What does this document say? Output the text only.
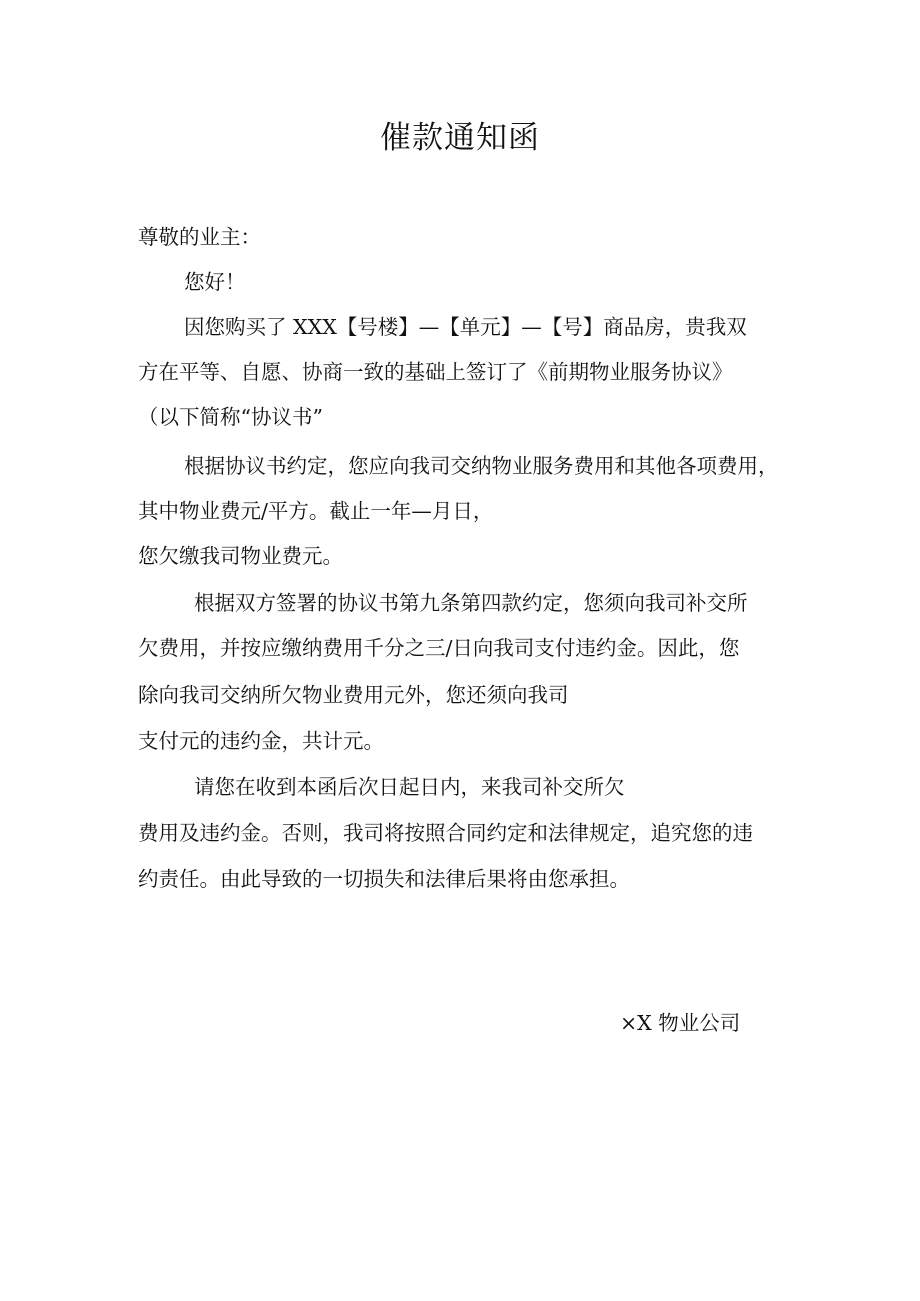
催款通知函
尊敬的业主：
您好！
因您购买了 XXX【号楼】—【单元】—【号】商品房，贵我双
方在平等、自愿、协商一致的基础上签订了《前期物业服务协议》
（以下简称“协议书”
根据协议书约定，您应向我司交纳物业服务费用和其他各项费用，
其中物业费元/平方。截止一年—月日，
您欠缴我司物业费元。
根据双方签署的协议书第九条第四款约定，您须向我司补交所
欠费用，并按应缴纳费用千分之三/日向我司支付违约金。因此，您
除向我司交纳所欠物业费用元外，您还须向我司
支付元的违约金，共计元。
请您在收到本函后次日起日内，来我司补交所欠
费用及违约金。否则，我司将按照合同约定和法律规定，追究您的违
约责任。由此导致的一切损失和法律后果将由您承担。
×X 物业公司
